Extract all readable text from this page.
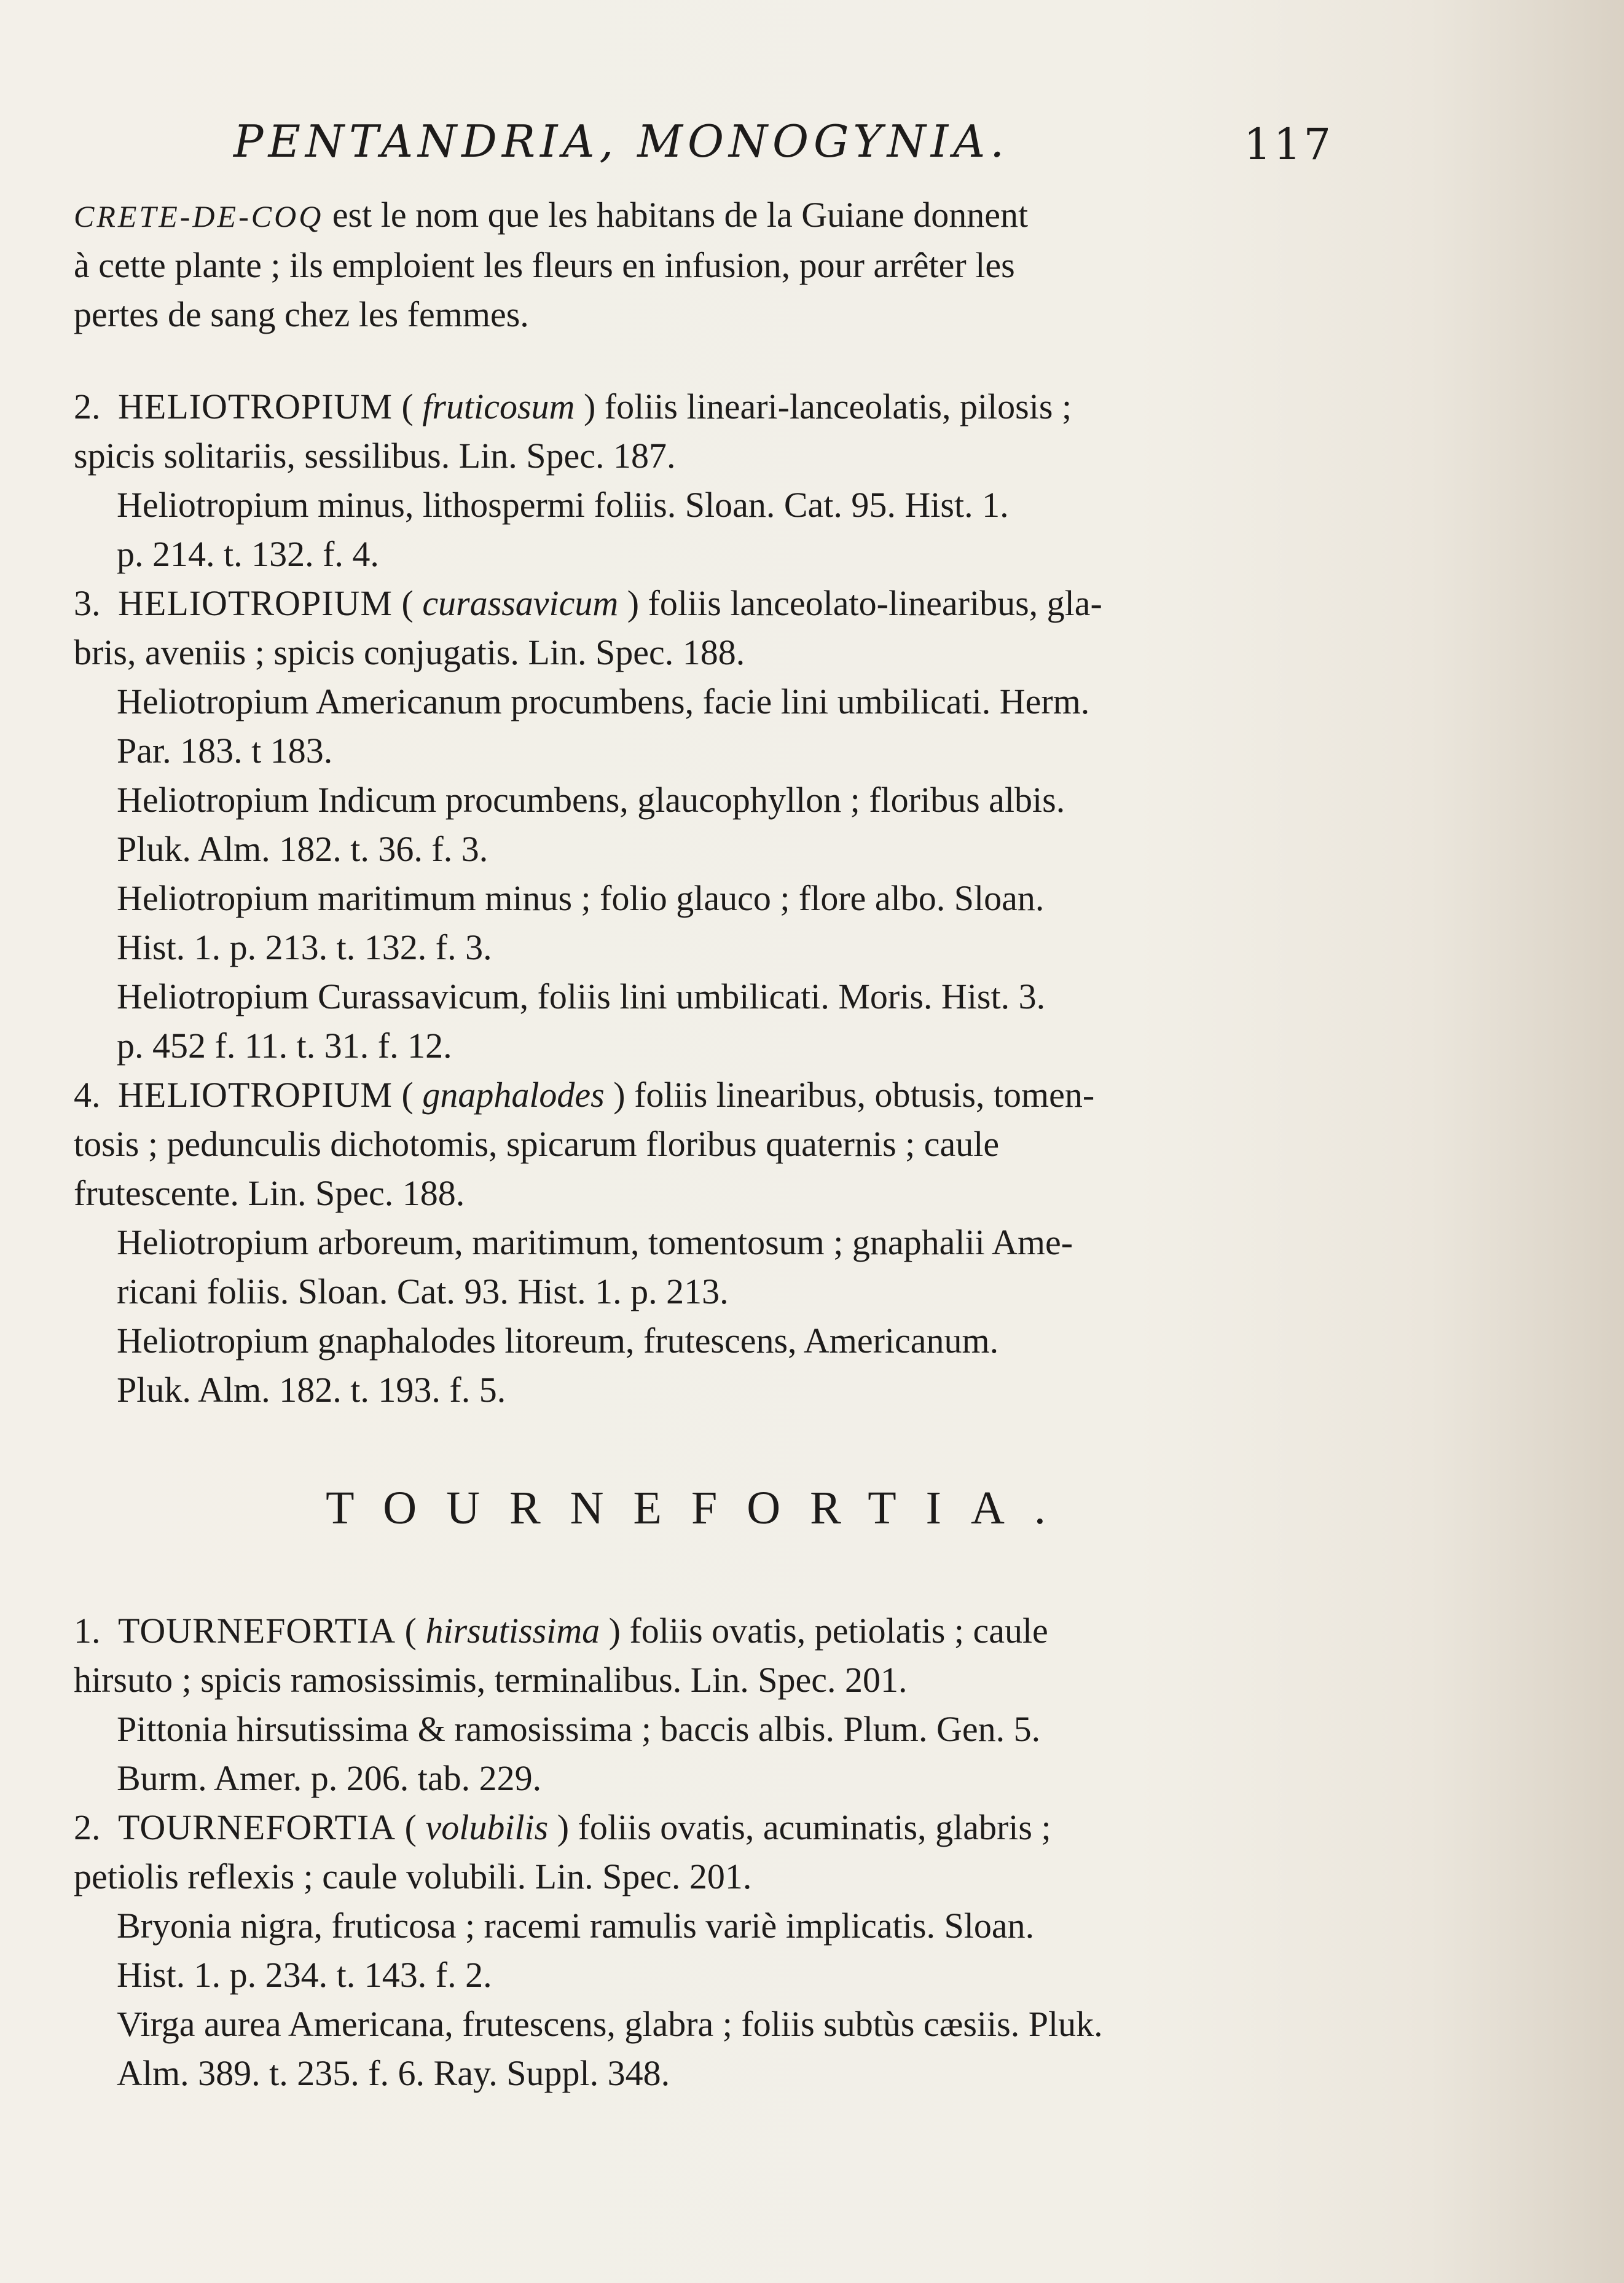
PENTANDRIA, MONOGYNIA.	117
CRETE-DE-COQ est le nom que les habitans de la Guiane donnent
à cette plante ; ils emploient les fleurs en infusion, pour arrêter les
pertes de sang chez les femmes.
2. HELIOTROPIUM ( fruticosum ) foliis lineari-lanceolatis, pilosis ;
spicis solitariis, sessilibus. Lin. Spec. 187.
Heliotropium minus, lithospermi foliis. Sloan. Cat. 95. Hist. 1.
p. 214. t. 132. f. 4.
3. HELIOTROPIUM ( curassavicum ) foliis lanceolato-linearibus, gla-
bris, aveniis ; spicis conjugatis. Lin. Spec. 188.
Heliotropium Americanum procumbens, facie lini umbilicati. Herm.
Par. 183. t 183.
Heliotropium Indicum procumbens, glaucophyllon ; floribus albis.
Pluk. Alm. 182. t. 36. f. 3.
Heliotropium maritimum minus ; folio glauco ; flore albo. Sloan.
Hist. 1. p. 213. t. 132. f. 3.
Heliotropium Curassavicum, foliis lini umbilicati. Moris. Hist. 3.
p. 452 f. 11. t. 31. f. 12.
4. HELIOTROPIUM ( gnaphalodes ) foliis linearibus, obtusis, tomen-
tosis ; pedunculis dichotomis, spicarum floribus quaternis ; caule
frutescente. Lin. Spec. 188.
Heliotropium arboreum, maritimum, tomentosum ; gnaphalii Ame-
ricani foliis. Sloan. Cat. 93. Hist. 1. p. 213.
Heliotropium gnaphalodes litoreum, frutescens, Americanum.
Pluk. Alm. 182. t. 193. f. 5.
TOURNEFORTIA.
1. TOURNEFORTIA ( hirsutissima ) foliis ovatis, petiolatis ; caule
hirsuto ; spicis ramosissimis, terminalibus. Lin. Spec. 201.
Pittonia hirsutissima & ramosissima ; baccis albis. Plum. Gen. 5.
Burm. Amer. p. 206. tab. 229.
2. TOURNEFORTIA ( volubilis ) foliis ovatis, acuminatis, glabris ;
petiolis reflexis ; caule volubili. Lin. Spec. 201.
Bryonia nigra, fruticosa ; racemi ramulis variè implicatis. Sloan.
Hist. 1. p. 234. t. 143. f. 2.
Virga aurea Americana, frutescens, glabra ; foliis subtùs cæsiis. Pluk.
Alm. 389. t. 235. f. 6. Ray. Suppl. 348.
